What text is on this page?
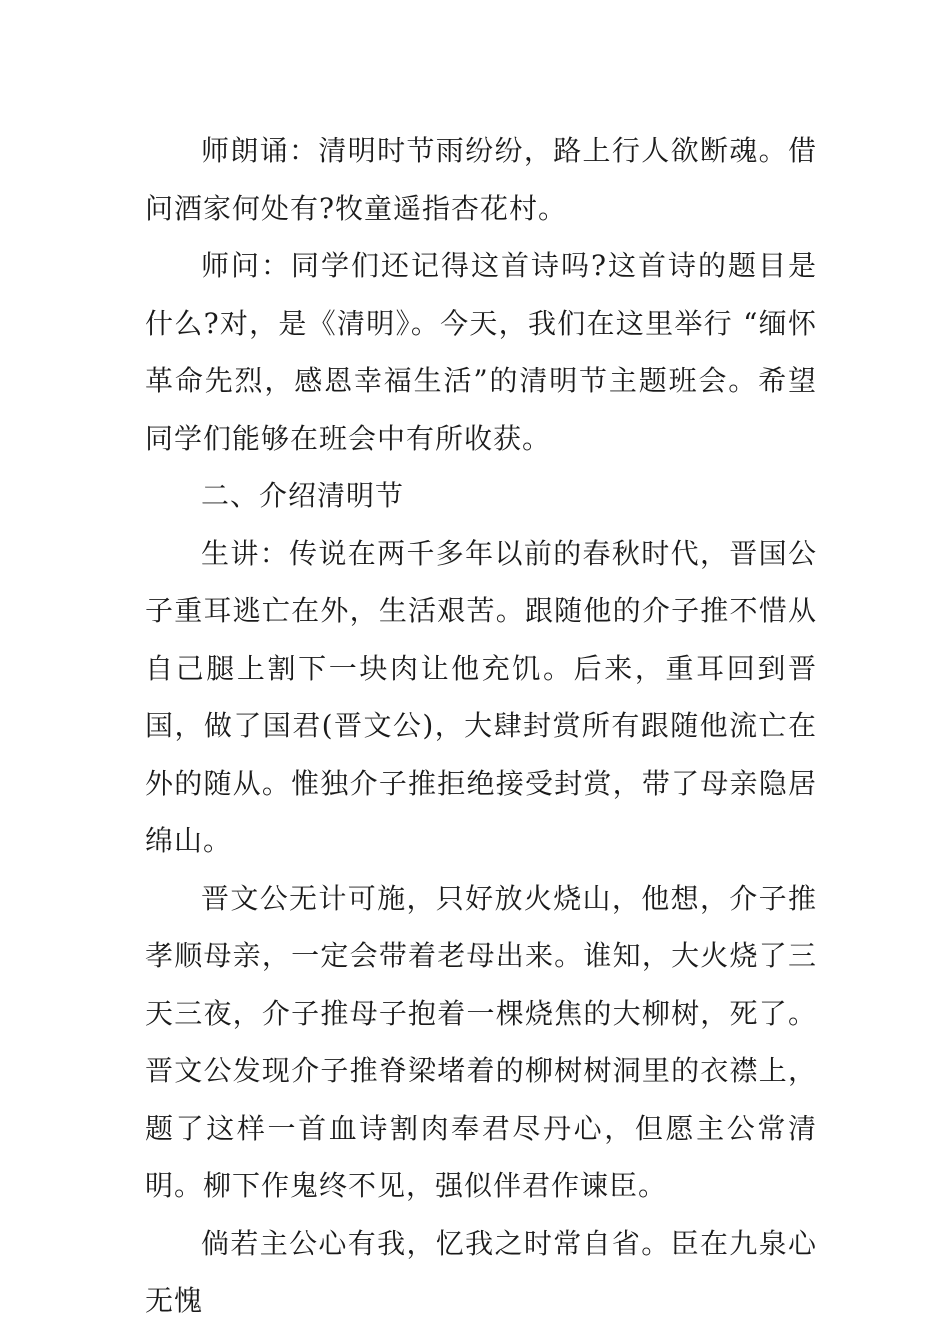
师朗诵：清明时节雨纷纷，路上行人欲断魂。借问酒家何处有?牧童遥指杏花村。

师问：同学们还记得这首诗吗?这首诗的题目是什么?对，是《清明》。今天，我们在这里举行 “缅怀革命先烈，感恩幸福生活”的清明节主题班会。希望同学们能够在班会中有所收获。

二、介绍清明节

生讲：传说在两千多年以前的春秋时代，晋国公子重耳逃亡在外，生活艰苦。跟随他的介子推不惜从自己腿上割下一块肉让他充饥。后来，重耳回到晋国，做了国君(晋文公)，大肆封赏所有跟随他流亡在外的随从。惟独介子推拒绝接受封赏，带了母亲隐居绵山。

晋文公无计可施，只好放火烧山，他想，介子推孝顺母亲，一定会带着老母出来。谁知，大火烧了三天三夜，介子推母子抱着一棵烧焦的大柳树，死了。晋文公发现介子推脊梁堵着的柳树树洞里的衣襟上，题了这样一首血诗割肉奉君尽丹心，但愿主公常清明。柳下作鬼终不见，强似伴君作谏臣。

倘若主公心有我，忆我之时常自省。臣在九泉心无愧
